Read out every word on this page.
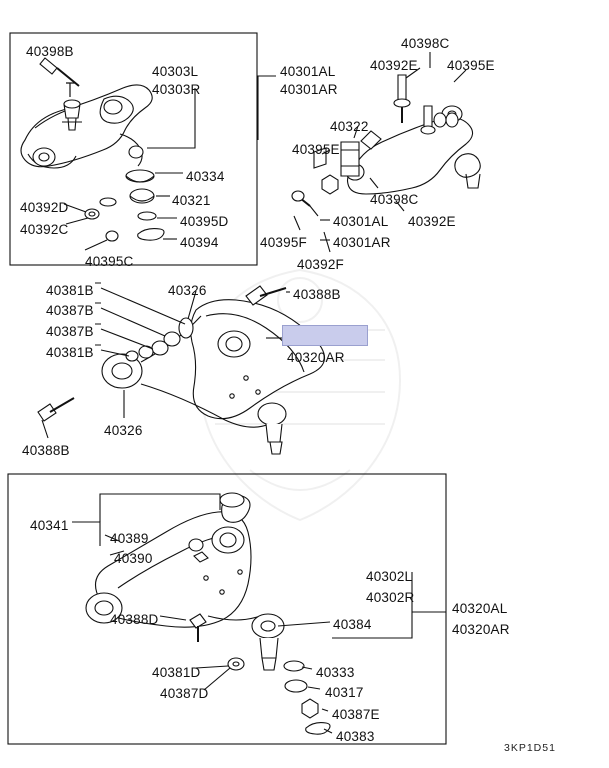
40398B
40303L
40303R
40301AL
40301AR
40398C
40392E 40395E
40322
40395E
40334
40321
40392D
40395D
40392C
40394
40395C
40398C
40301AL 40392E
40395F 40301AR
40392F
40381B	40326	40388B
40387B
40387B
40381B	40320AR
40326
40388B
40341
40389
40390
40302L
40302R
40320AL
40320AR
40388D	40384
40381D	40333
40387D	40317
40387E
40383
3KP1D51
